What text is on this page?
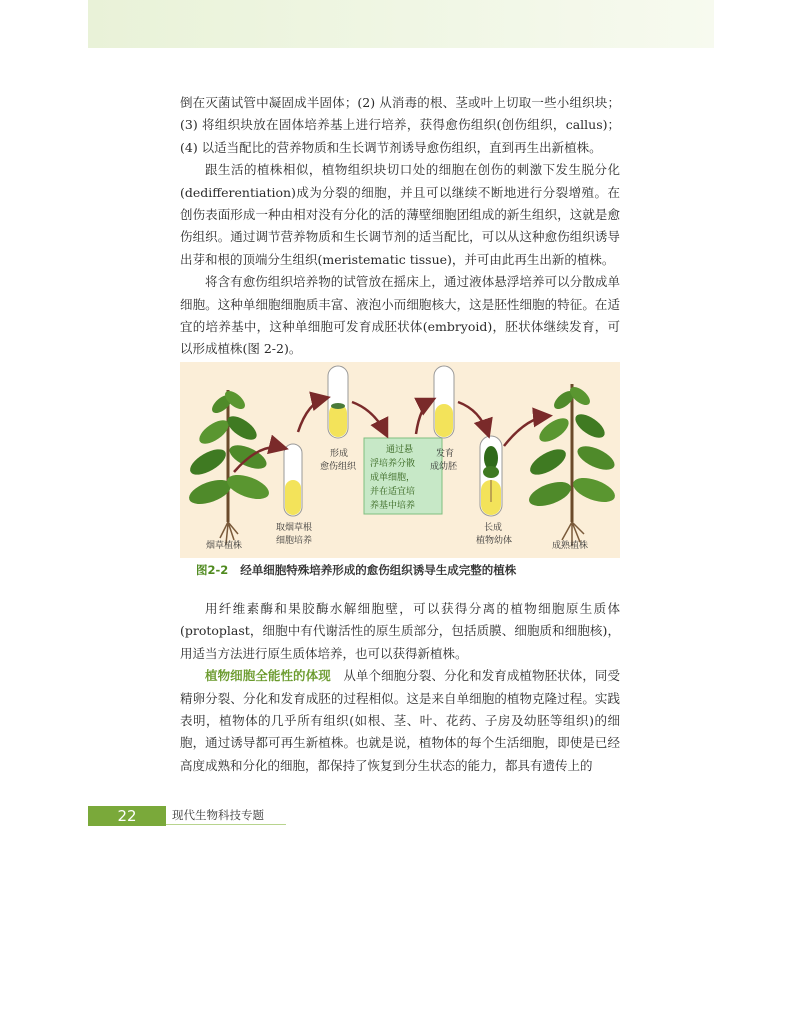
倒在灭菌试管中凝固成半固体；(2) 从消毒的根、茎或叶上切取一些小组织块；(3) 将组织块放在固体培养基上进行培养，获得愈伤组织(创伤组织，callus)；(4) 以适当配比的营养物质和生长调节剂诱导愈伤组织，直到再生出新植株。

跟生活的植株相似，植物组织块切口处的细胞在创伤的刺激下发生脱分化(dedifferentiation)成为分裂的细胞，并且可以继续不断地进行分裂增殖。在创伤表面形成一种由相对没有分化的活的薄壁细胞团组成的新生组织，这就是愈伤组织。通过调节营养物质和生长调节剂的适当配比，可以从这种愈伤组织诱导出芽和根的顶端分生组织(meristematic tissue)，并可由此再生出新的植株。

将含有愈伤组织培养物的试管放在摇床上，通过液体悬浮培养可以分散成单细胞。这种单细胞细胞质丰富、液泡小而细胞核大，这是胚性细胞的特征。在适宜的培养基中，这种单细胞可发育成胚状体(embryoid)，胚状体继续发育，可以形成植株(图 2-2)。

烟草植株
取烟草根
细胞培养
形成
愈伤组织
通过悬
浮培养分散
成单细胞，
并在适宜培
养基中培养
发育
成幼胚
长成
植物幼体	成熟植株
图2-2 经单细胞特殊培养形成的愈伤组织诱导生成完整的植株

用纤维素酶和果胶酶水解细胞壁，可以获得分离的植物细胞原生质体(protoplast，细胞中有代谢活性的原生质部分，包括质膜、细胞质和细胞核)，用适当方法进行原生质体培养，也可以获得新植株。

植物细胞全能性的体现　 从单个细胞分裂、分化和发育成植物胚状体，同受精卵分裂、分化和发育成胚的过程相似。这是来自单细胞的植物克隆过程。实践表明，植物体的几乎所有组织(如根、茎、叶、花药、子房及幼胚等组织)的细胞，通过诱导都可再生新植株。也就是说，植物体的每个生活细胞，即使是已经高度成熟和分化的细胞，都保持了恢复到分生状态的能力，都具有遗传上的

22	现代生物科技专题
